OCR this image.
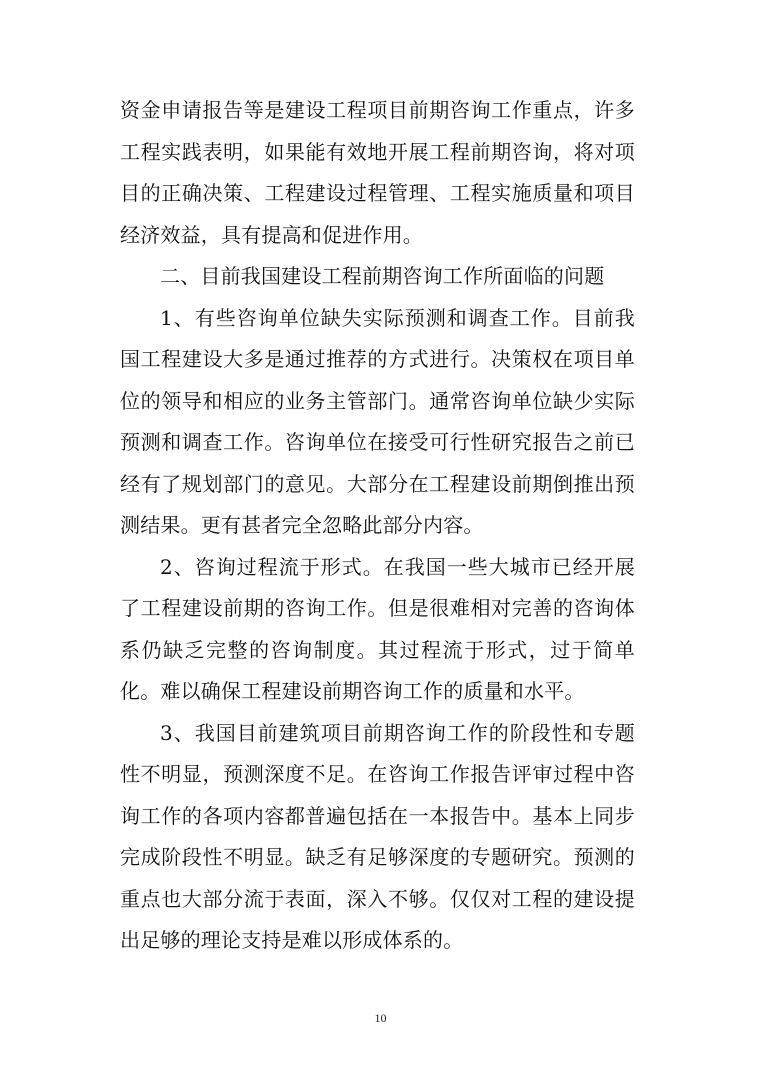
资金申请报告等是建设工程项目前期咨询工作重点，许多工程实践表明，如果能有效地开展工程前期咨询，将对项目的正确决策、工程建设过程管理、工程实施质量和项目经济效益，具有提高和促进作用。

二、目前我国建设工程前期咨询工作所面临的问题

1、有些咨询单位缺失实际预测和调查工作。目前我国工程建设大多是通过推荐的方式进行。决策权在项目单位的领导和相应的业务主管部门。通常咨询单位缺少实际预测和调查工作。咨询单位在接受可行性研究报告之前已经有了规划部门的意见。大部分在工程建设前期倒推出预测结果。更有甚者完全忽略此部分内容。

2、咨询过程流于形式。在我国一些大城市已经开展了工程建设前期的咨询工作。但是很难相对完善的咨询体系仍缺乏完整的咨询制度。其过程流于形式，过于简单化。难以确保工程建设前期咨询工作的质量和水平。

3、我国目前建筑项目前期咨询工作的阶段性和专题性不明显，预测深度不足。在咨询工作报告评审过程中咨询工作的各项内容都普遍包括在一本报告中。基本上同步完成阶段性不明显。缺乏有足够深度的专题研究。预测的重点也大部分流于表面，深入不够。仅仅对工程的建设提出足够的理论支持是难以形成体系的。

10
